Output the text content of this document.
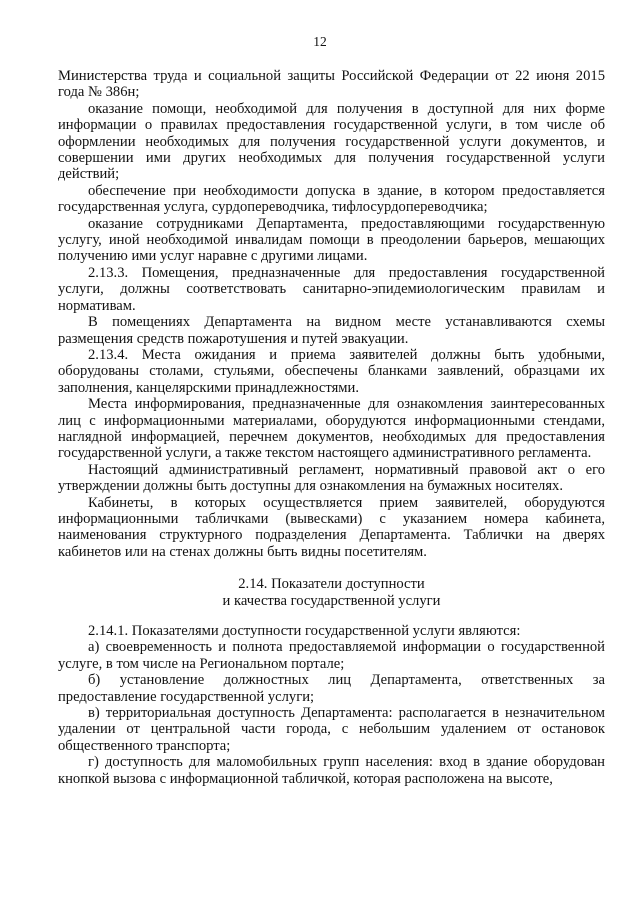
12

Министерства труда и социальной защиты Российской Федерации от 22 июня 2015 года № 386н;

оказание помощи, необходимой для получения в доступной для них форме информации о правилах предоставления государственной услуги, в том числе об оформлении необходимых для получения государственной услуги документов, и совершении ими других необходимых для получения государственной услуги действий;

обеспечение при необходимости допуска в здание, в котором предоставляется государственная услуга, сурдопереводчика, тифлосурдопереводчика;

оказание сотрудниками Департамента, предоставляющими государственную услугу, иной необходимой инвалидам помощи в преодолении барьеров, мешающих получению ими услуг наравне с другими лицами.

2.13.3. Помещения, предназначенные для предоставления государственной услуги, должны соответствовать санитарно-эпидемиологическим правилам и нормативам.

В помещениях Департамента на видном месте устанавливаются схемы размещения средств пожаротушения и путей эвакуации.

2.13.4. Места ожидания и приема заявителей должны быть удобными, оборудованы столами, стульями, обеспечены бланками заявлений, образцами их заполнения, канцелярскими принадлежностями.

Места информирования, предназначенные для ознакомления заинтересованных лиц с информационными материалами, оборудуются информационными стендами, наглядной информацией, перечнем документов, необходимых для предоставления государственной услуги, а также текстом настоящего административного регламента.

Настоящий административный регламент, нормативный правовой акт о его утверждении должны быть доступны для ознакомления на бумажных носителях.

Кабинеты, в которых осуществляется прием заявителей, оборудуются информационными табличками (вывесками) с указанием номера кабинета, наименования структурного подразделения Департамента. Таблички на дверях кабинетов или на стенах должны быть видны посетителям.

2.14. Показатели доступности
и качества государственной услуги

2.14.1. Показателями доступности государственной услуги являются:

а) своевременность и полнота предоставляемой информации о государственной услуге, в том числе на Региональном портале;

б) установление должностных лиц Департамента, ответственных за предоставление государственной услуги;

в) территориальная доступность Департамента: располагается в незначительном удалении от центральной части города, с небольшим удалением от остановок общественного транспорта;

г) доступность для маломобильных групп населения: вход в здание оборудован кнопкой вызова с информационной табличкой, которая расположена на высоте,
